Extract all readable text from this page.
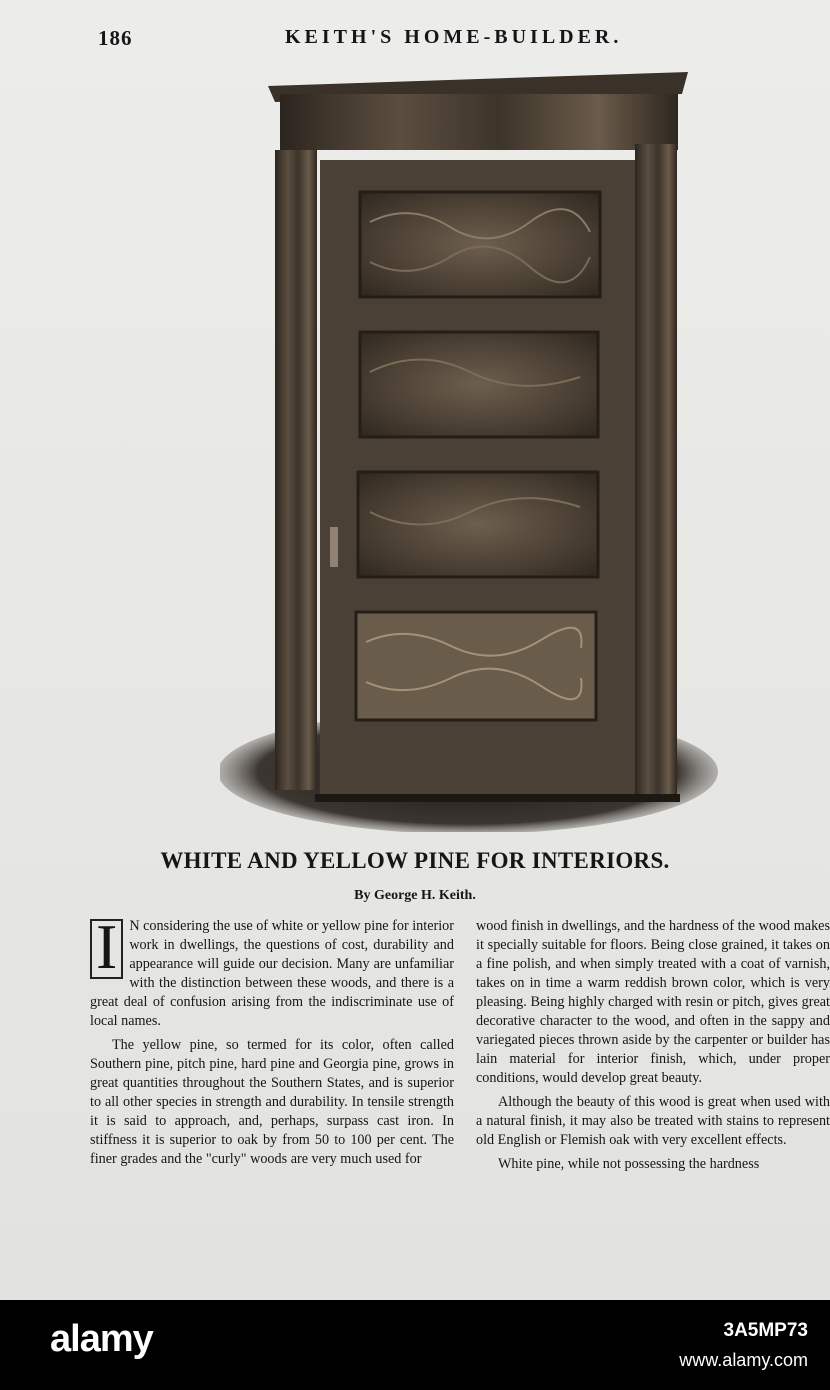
186	KEITH'S HOME-BUILDER.
WHITE AND YELLOW PINE FOR INTERIORS.
By George H. Keith.

I N considering the use of white or yellow pine for interior work in dwellings, the questions of cost, durability and appearance will guide our decision. Many are unfamiliar with the distinction between these woods, and there is a great deal of confusion arising from the indiscriminate use of local names.

The yellow pine, so termed for its color, often called Southern pine, pitch pine, hard pine and Georgia pine, grows in great quantities throughout the Southern States, and is superior to all other species in strength and durability. In tensile strength it is said to approach, and, perhaps, surpass cast iron. In stiffness it is superior to oak by from 50 to 100 per cent. The finer grades and the "curly" woods are very much used for

wood finish in dwellings, and the hardness of the wood makes it specially suitable for floors. Being close grained, it takes on a fine polish, and when simply treated with a coat of varnish, takes on in time a warm reddish brown color, which is very pleasing. Being highly charged with resin or pitch, gives great decorative character to the wood, and often in the sappy and variegated pieces thrown aside by the carpenter or builder has lain material for interior finish, which, under proper conditions, would develop great beauty.

Although the beauty of this wood is great when used with a natural finish, it may also be treated with stains to represent old English or Flemish oak with very excellent effects.

White pine, while not possessing the hardness

alamy	3A5MP73
www.alamy.com
